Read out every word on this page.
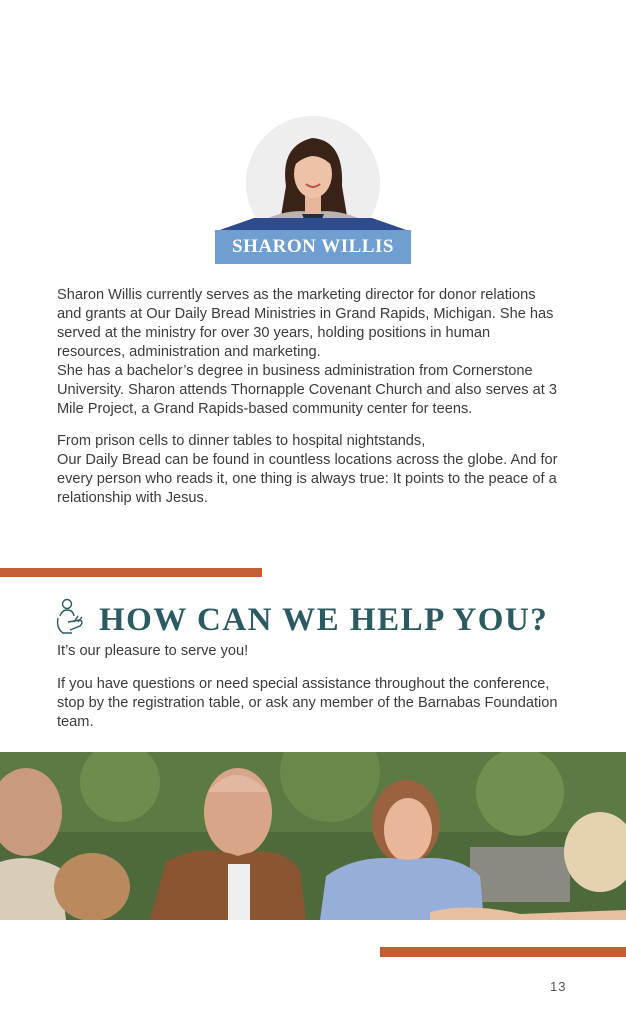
SHARON WILLIS

Sharon Willis currently serves as the marketing director for donor relations and grants at Our Daily Bread Ministries in Grand Rapids, Michigan. She has served at the ministry for over 30 years, holding positions in human resources, administration and marketing.
She has a bachelor’s degree in business administration from Cornerstone University. Sharon attends Thornapple Covenant Church and also serves at 3 Mile Project, a Grand Rapids-based community center for teens.

From prison cells to dinner tables to hospital nightstands,
Our Daily Bread can be found in countless locations across the globe. And for every person who reads it, one thing is always true: It points to the peace of a relationship with Jesus.

HOW CAN WE HELP YOU?

It’s our pleasure to serve you!

If you have questions or need special assistance throughout the conference, stop by the registration table, or ask any member of the Barnabas Foundation team.

13
